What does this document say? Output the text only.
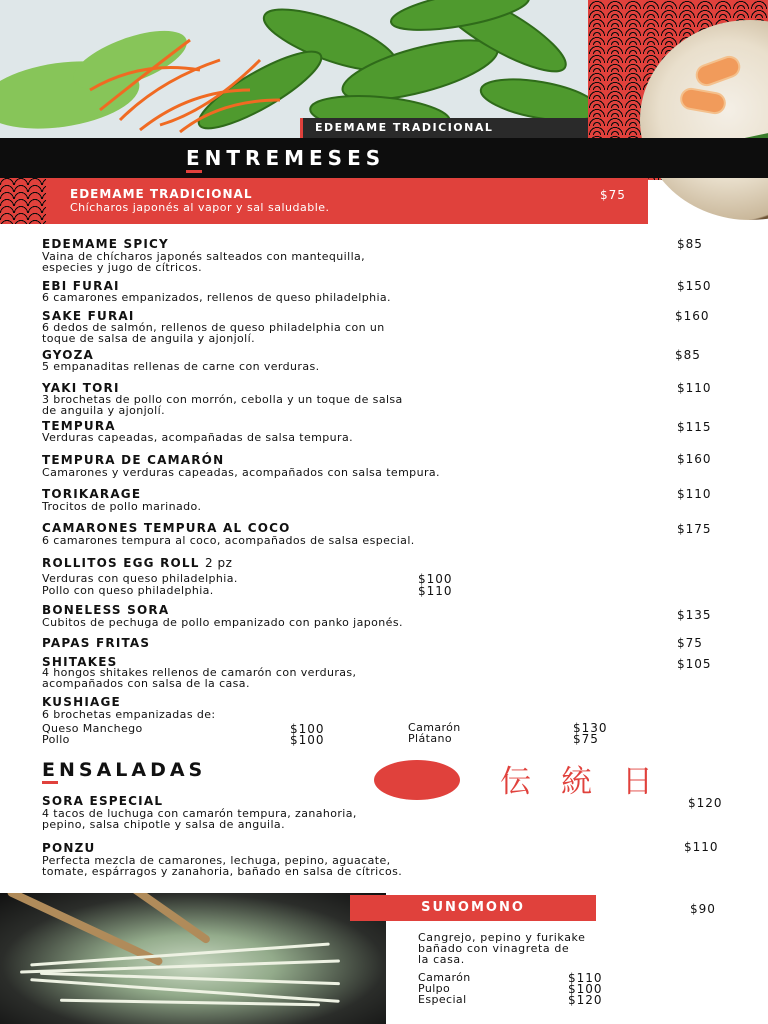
EDEMAME TRADICIONAL
ENTREMESES
EDEMAME TRADICIONAL
Chícharos japonés al vapor y sal saludable.
$75
EDEMAME SPICY
Vaina de chícharos japonés salteados con mantequilla,
especies y jugo de cítricos.
$85
EBI FURAI
6 camarones empanizados, rellenos de queso philadelphia.
$150
SAKE FURAI
6 dedos de salmón, rellenos de queso philadelphia con un
toque de salsa de anguila y ajonjolí.
$160
GYOZA
5 empanaditas rellenas de carne con verduras.
$85
YAKI TORI
3 brochetas de pollo con morrón, cebolla y un toque de salsa
de anguila y ajonjolí.
$110
TEMPURA
Verduras capeadas, acompañadas de salsa tempura.
$115
TEMPURA DE CAMARÓN
Camarones y verduras capeadas, acompañados con salsa tempura.
$160
TORIKARAGE
Trocitos de pollo marinado.
$110
CAMARONES TEMPURA AL COCO
6 camarones tempura al coco, acompañados de salsa especial.
$175
ROLLITOS EGG ROLL 2 pz
Verduras con queso philadelphia.	$100
Pollo con queso philadelphia.	$110
BONELESS SORA
Cubitos de pechuga de pollo empanizado con panko japonés.
$135
PAPAS FRITAS	$75
SHITAKES
4 hongos shitakes rellenos de camarón con verduras,
acompañados con salsa de la casa.
$105
KUSHIAGE
6 brochetas empanizadas de:
Queso Manchego	$100
Pollo	$100
Camarón	$130
Plátano	$75
ENSALADAS	伝統日
SORA ESPECIAL
4 tacos de luchuga con camarón tempura, zanahoria,
pepino, salsa chipotle y salsa de anguila.
$120
PONZU
Perfecta mezcla de camarones, lechuga, pepino, aguacate,
tomate, espárragos y zanahoria, bañado en salsa de cítricos.
$110
SUNOMONO	$90
Cangrejo, pepino y furikake
bañado con vinagreta de
la casa.
Camarón	$110
Pulpo	$100
Especial	$120
